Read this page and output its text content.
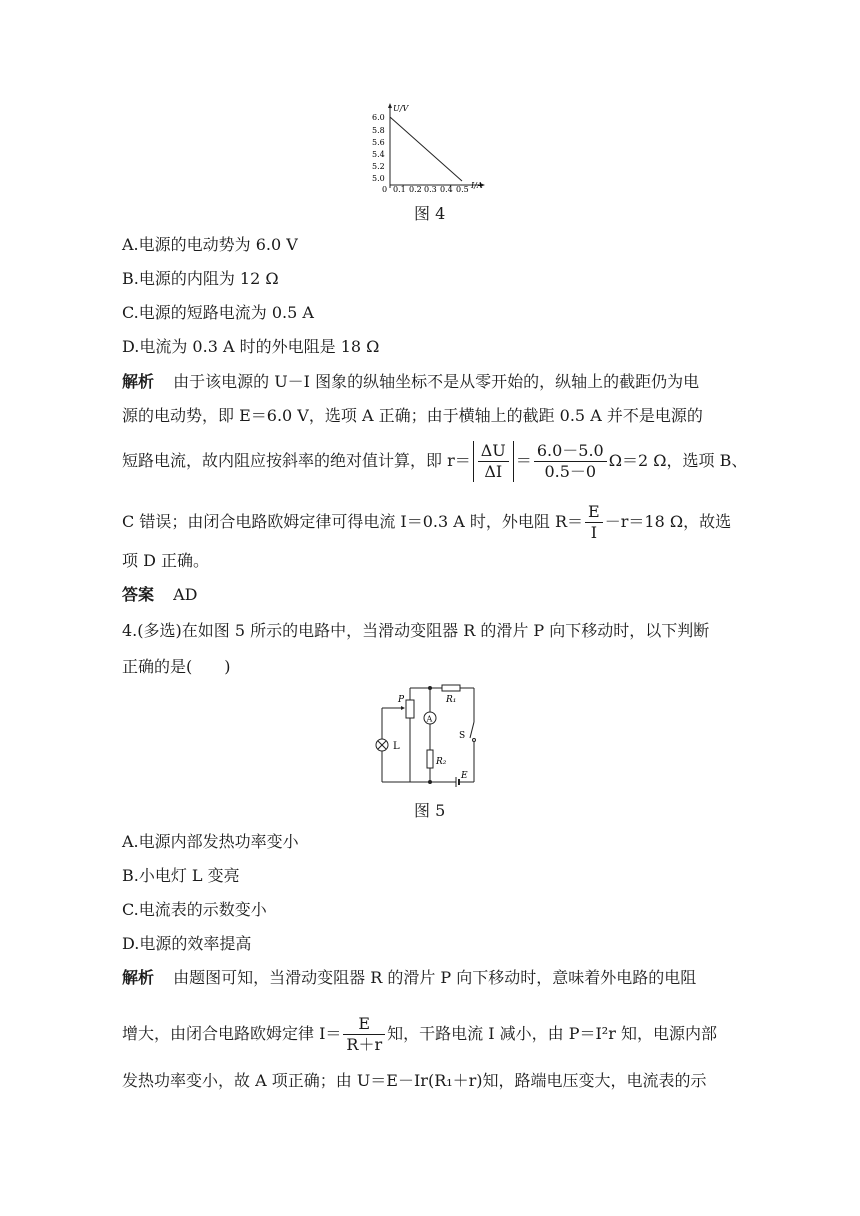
U/V
I/A
6.0
5.8
5.6
5.4
5.2
5.0
0 0.1 0.2 0.3 0.4 0.5
图 4
A.电源的电动势为 6.0 V
B.电源的内阻为 12 Ω
C.电源的短路电流为 0.5 A
D.电流为 0.3 A 时的外电阻是 18 Ω
解析 由于该电源的 U－I 图象的纵轴坐标不是从零开始的，纵轴上的截距仍为电
源的电动势，即 E＝6.0 V，选项 A 正确；由于横轴上的截距 0.5 A 并不是电源的
短路电流，故内阻应按斜率的绝对值计算，即 $r= \frac{\Delta U}{\Delta I} = \frac{6.0-5.0}{0.5-0} \Omega=2$ Ω，选项 B、
C 错误；由闭合电路欧姆定律可得电流 I＝0.3 A 时，外电阻 $R= \frac{E}{I} -r=18$ Ω，故选
项 D 正确。
答案 AD
4.(多选)在如图 5 所示的电路中，当滑动变阻器 R 的滑片 P 向下移动时，以下判断
正确的是(　　)
L
P	R₁
A
R₂
S
E
图 5
A.电源内部发热功率变小
B.小电灯 L 变亮
C.电流表的示数变小
D.电源的效率提高
解析 由题图可知，当滑动变阻器 R 的滑片 P 向下移动时，意味着外电路的电阻
增大，由闭合电路欧姆定律 $I= \frac{E}{R+r}$ 知，干路电流 I 减小，由 P＝I²r 知，电源内部
发热功率变小，故 A 项正确；由 U＝E－Ir(R₁＋r)知，路端电压变大，电流表的示
